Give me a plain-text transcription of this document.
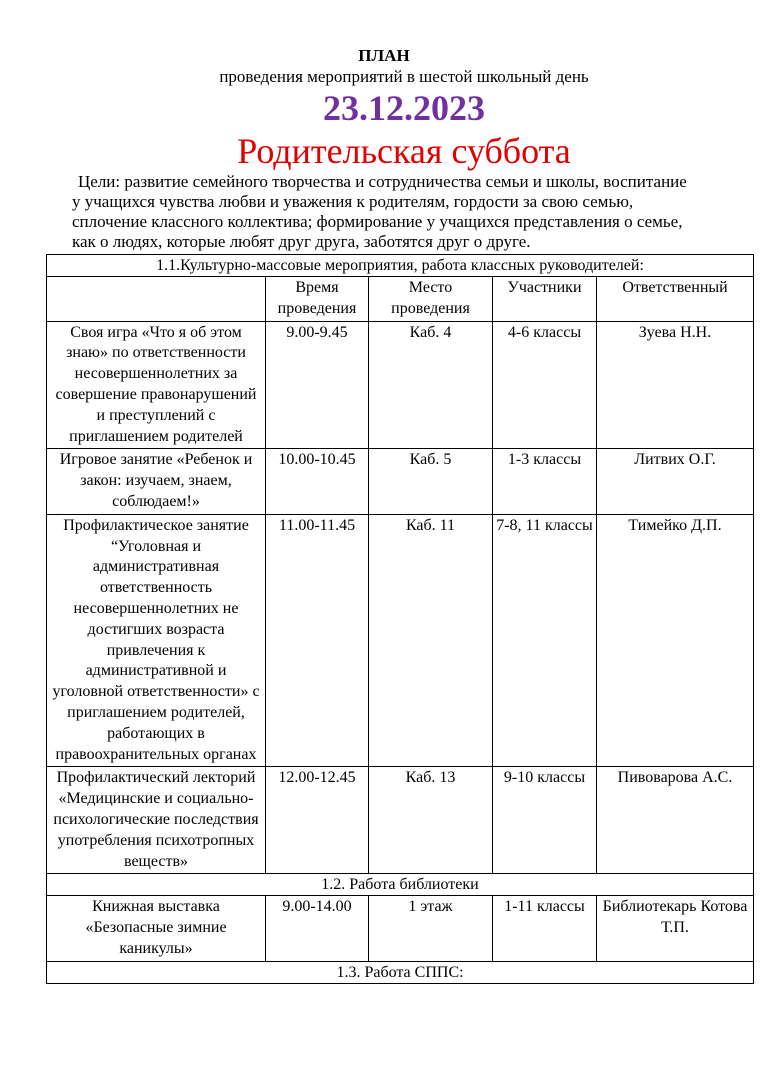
ПЛАН
проведения мероприятий в шестой школьный день
23.12.2023
Родительская суббота
Цели: развитие семейного творчества и сотрудничества семьи и школы, воспитание
у учащихся чувства любви и уважения к родителям, гордости за свою семью,
сплочение классного коллектива; формирование у учащихся представления о семье,
как о людях, которые любят друг друга, заботятся друг о друге.
1.1.Культурно-массовые мероприятия, работа классных руководителей:				
	Время проведения	Место проведения	Участники	Ответственный
Своя игра «Что я об этом знаю» по ответственности несовершеннолетних за совершение правонарушений и преступлений с приглашением родителей	9.00-9.45	Каб. 4	4-6 классы	Зуева Н.Н.
Игровое занятие «Ребенок и закон: изучаем, знаем, соблюдаем!»	10.00-10.45	Каб. 5	1-3 классы	Литвих О.Г.
Профилактическое занятие “Уголовная и административная ответственность несовершеннолетних не достигших возраста привлечения к административной и уголовной ответственности» с приглашением родителей, работающих в правоохранительных органах	11.00-11.45	Каб. 11	7-8, 11 классы	Тимейко Д.П.
Профилактический лекторий «Медицинские и социально-психологические последствия употребления психотропных веществ»	12.00-12.45	Каб. 13	9-10 классы	Пивоварова А.С.
1.2. Работа библиотеки				
Книжная выставка «Безопасные зимние каникулы»	9.00-14.00	1 этаж	1-11 классы	Библиотекарь Котова Т.П.
1.3. Работа СППС:				
